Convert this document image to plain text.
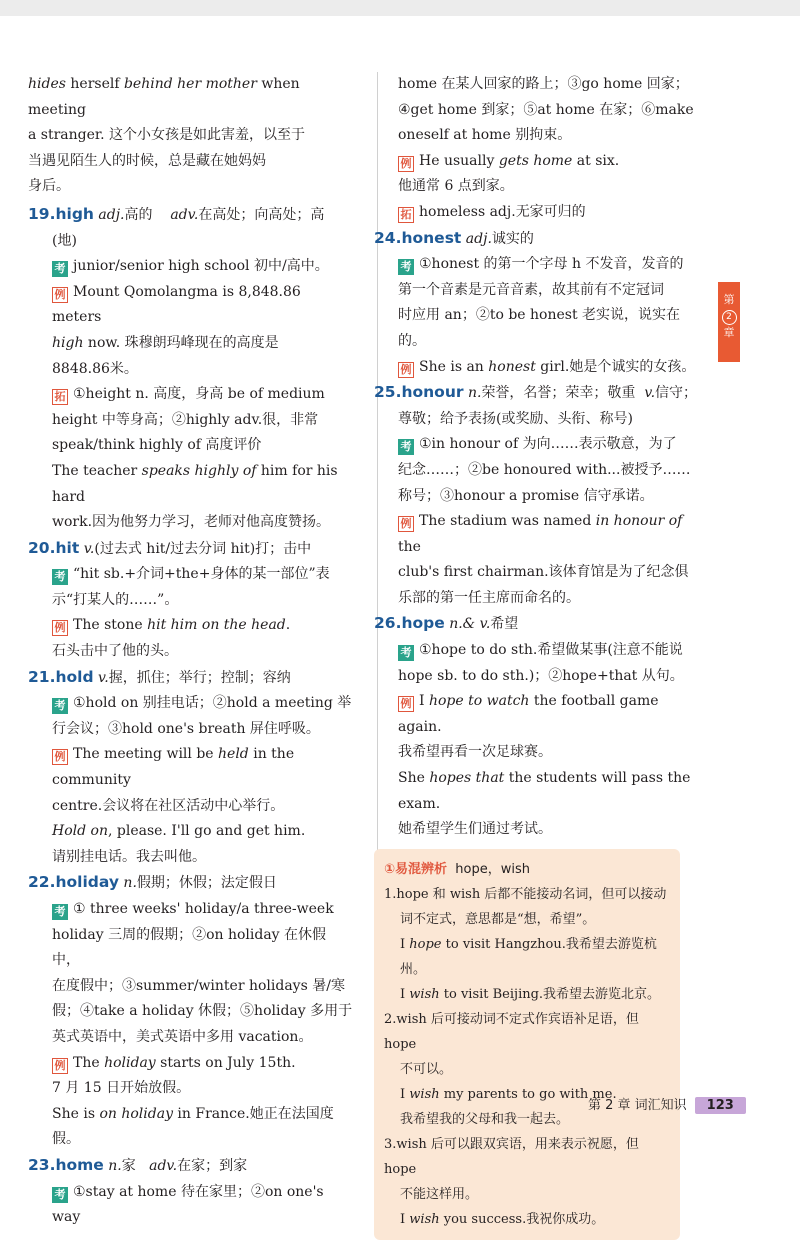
hides herself behind her mother when meeting

a stranger. 这个小女孩是如此害羞，以至于

当遇见陌生人的时候，总是藏在她妈妈

身后。

19.high adj.高的 adv.在高处；向高处；高

(地)

考 junior/senior high school 初中/高中。

例 Mount Qomolangma is 8,848.86 meters

high now. 珠穆朗玛峰现在的高度是

8848.86米。

拓 ①height n. 高度，身高 be of medium

height 中等身高；②highly adv.很，非常

speak/think highly of 高度评价

The teacher speaks highly of him for his hard

work.因为他努力学习，老师对他高度赞扬。

20.hit v.(过去式 hit/过去分词 hit)打；击中

考 “hit sb.+介词+the+身体的某一部位”表

示“打某人的……”。

例 The stone hit him on the head.

石头击中了他的头。

21.hold v.握，抓住；举行；控制；容纳

考 ①hold on 别挂电话；②hold a meeting 举

行会议；③hold one's breath 屏住呼吸。

例 The meeting will be held in the community

centre.会议将在社区活动中心举行。

Hold on, please. I'll go and get him.

请别挂电话。我去叫他。

22.holiday n.假期；休假；法定假日

考 ① three weeks' holiday/a three-week

holiday 三周的假期；②on holiday 在休假中，

在度假中；③summer/winter holidays 暑/寒

假；④take a holiday 休假；⑤holiday 多用于

英式英语中，美式英语中多用 vacation。

例 The holiday starts on July 15th.

7 月 15 日开始放假。

She is on holiday in France.她正在法国度假。

23.home n.家 adv.在家；到家

考 ①stay at home 待在家里；②on one's way

home 在某人回家的路上；③go home 回家；

④get home 到家；⑤at home 在家；⑥make

oneself at home 别拘束。

例 He usually gets home at six.

他通常 6 点到家。

拓 homeless adj.无家可归的

24.honest adj.诚实的

考 ①honest 的第一个字母 h 不发音，发音的

第一个音素是元音音素，故其前有不定冠词

时应用 an；②to be honest 老实说，说实在的。

例 She is an honest girl.她是个诚实的女孩。

25.honour n.荣誉，名誉；荣幸；敬重 v.信守；

尊敬；给予表扬(或奖励、头衔、称号)

考 ①in honour of 为向……表示敬意，为了

纪念……；②be honoured with...被授予……

称号；③honour a promise 信守承诺。

例 The stadium was named in honour of the

club's first chairman.该体育馆是为了纪念俱

乐部的第一任主席而命名的。

26.hope n.& v.希望

考 ①hope to do sth.希望做某事(注意不能说

hope sb. to do sth.)；②hope+that 从句。

例 I hope to watch the football game again.

我希望再看一次足球赛。

She hopes that the students will pass the

exam.

她希望学生们通过考试。

①易混辨析 hope，wish

1.hope 和 wish 后都不能接动名词，但可以接动

词不定式，意思都是“想，希望”。

I hope to visit Hangzhou.我希望去游览杭州。

I wish to visit Beijing.我希望去游览北京。

2.wish 后可接动词不定式作宾语补足语，但 hope

不可以。

I wish my parents to go with me.

我希望我的父母和我一起去。

3.wish 后可以跟双宾语，用来表示祝愿，但 hope

不能这样用。

I wish you success.我祝你成功。

第
2
章
第 2 章 词汇知识 123
